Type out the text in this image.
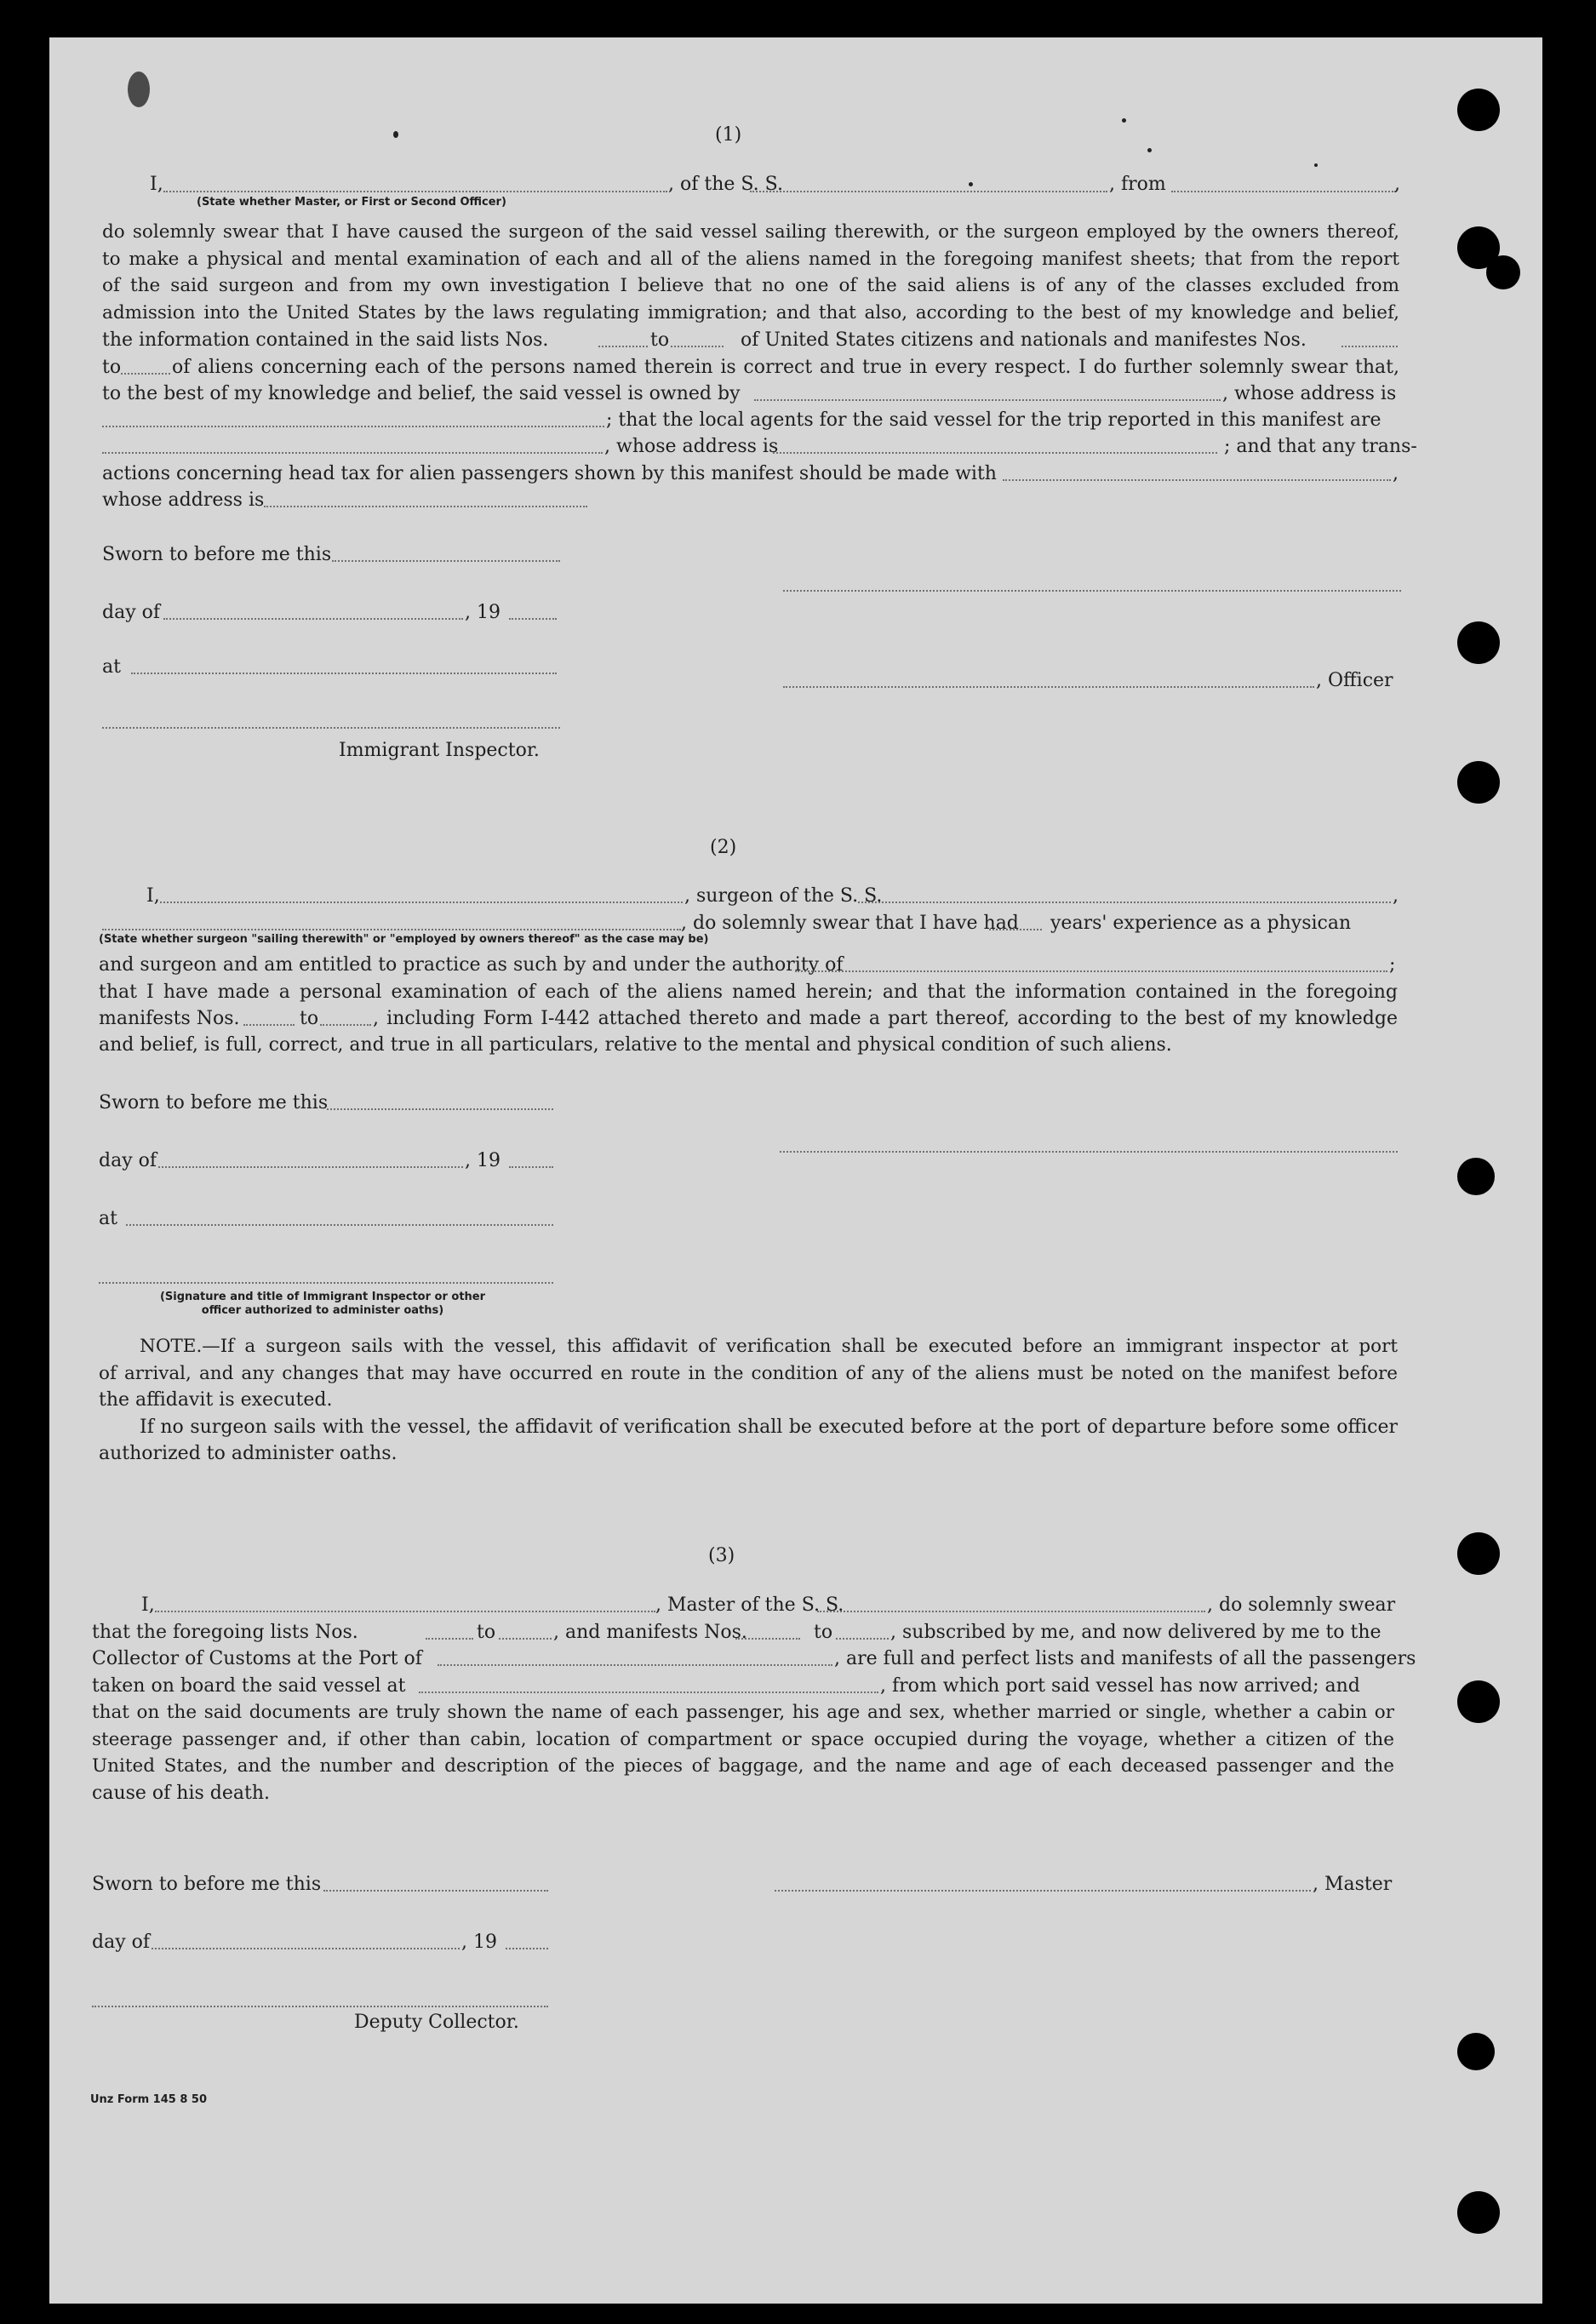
(1)
I,	, of the S. S.	, from	,
(State whether Master, or First or Second Officer)
do solemnly swear that I have caused the surgeon of the said vessel sailing therewith, or the surgeon employed by the owners thereof,
to make a physical and mental examination of each and all of the aliens named in the foregoing manifest sheets; that from the report
of the said surgeon and from my own investigation I believe that no one of the said aliens is of any of the classes excluded from
admission into the United States by the laws regulating immigration; and that also, according to the best of my knowledge and belief,
the information contained in the said lists Nos.	to	of United States citizens and nationals and manifestes Nos.
to	of aliens concerning each of the persons named therein is correct and true in every respect. I do further solemnly swear that,
to the best of my knowledge and belief, the said vessel is owned by	, whose address is
; that the local agents for the said vessel for the trip reported in this manifest are
, whose address is	; and that any trans-
actions concerning head tax for alien passengers shown by this manifest should be made with	,
whose address is
Sworn to before me this
day of	, 19
at
, Officer
Immigrant Inspector.
(2)
I,	, surgeon of the S. S.	,
, do solemnly swear that I have had years' experience as a physican
(State whether surgeon "sailing therewith" or "employed by owners thereof" as the case may be)
and surgeon and am entitled to practice as such by and under the authority of	;
that I have made a personal examination of each of the aliens named herein; and that the information contained in the foregoing
manifests Nos.	to	, including Form I-442 attached thereto and made a part thereof, according to the best of my knowledge
and belief, is full, correct, and true in all particulars, relative to the mental and physical condition of such aliens.
Sworn to before me this
day of	, 19
at
(Signature and title of Immigrant Inspector or other
officer authorized to administer oaths)
NOTE.—If a surgeon sails with the vessel, this affidavit of verification shall be executed before an immigrant inspector at port
of arrival, and any changes that may have occurred en route in the condition of any of the aliens must be noted on the manifest before
the affidavit is executed.
If no surgeon sails with the vessel, the affidavit of verification shall be executed before at the port of departure before some officer
authorized to administer oaths.
(3)
I,	, Master of the S. S.	, do solemnly swear
that the foregoing lists Nos.	to	, and manifests Nos.	to	, subscribed by me, and now delivered by me to the
Collector of Customs at the Port of	, are full and perfect lists and manifests of all the passengers
taken on board the said vessel at	, from which port said vessel has now arrived; and
that on the said documents are truly shown the name of each passenger, his age and sex, whether married or single, whether a cabin or
steerage passenger and, if other than cabin, location of compartment or space occupied during the voyage, whether a citizen of the
United States, and the number and description of the pieces of baggage, and the name and age of each deceased passenger and the
cause of his death.
Sworn to before me this	, Master
day of	, 19
Deputy Collector.
Unz Form 145 8 50
